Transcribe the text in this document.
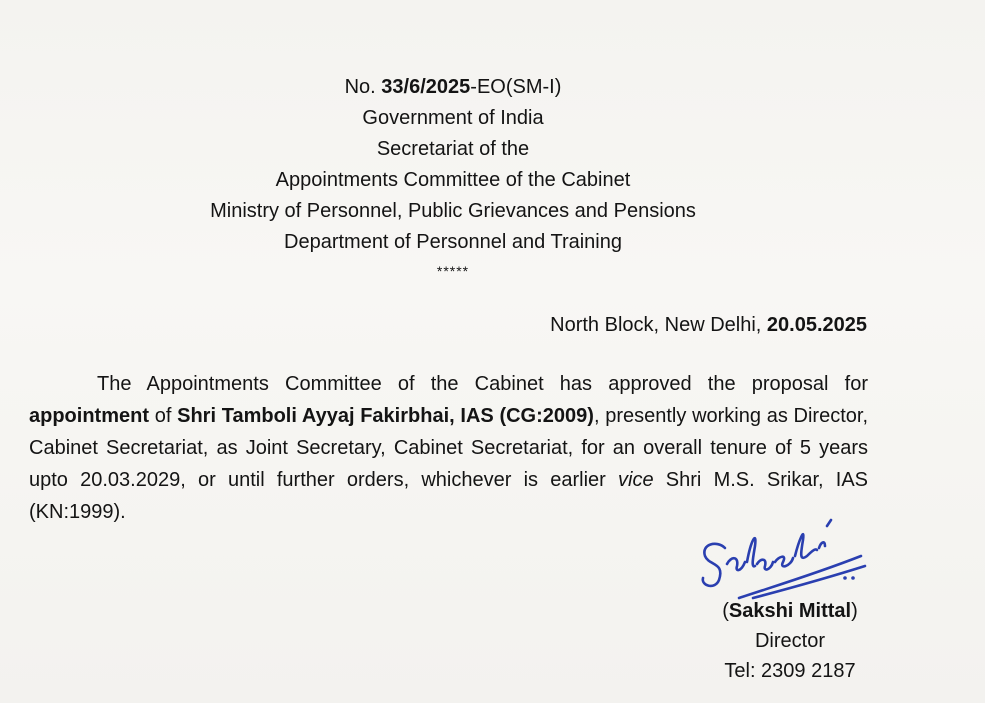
No. 33/6/2025-EO(SM-I)
Government of India
Secretariat of the
Appointments Committee of the Cabinet
Ministry of Personnel, Public Grievances and Pensions
Department of Personnel and Training
*****
North Block, New Delhi, 20.05.2025

The Appointments Committee of the Cabinet has approved the proposal for appointment of Shri Tamboli Ayyaj Fakirbhai, IAS (CG:2009), presently working as Director, Cabinet Secretariat, as Joint Secretary, Cabinet Secretariat, for an overall tenure of 5 years upto 20.03.2029, or until further orders, whichever is earlier vice Shri M.S. Srikar, IAS (KN:1999).

Sakshi
(Sakshi Mittal)
Director
Tel: 2309 2187
